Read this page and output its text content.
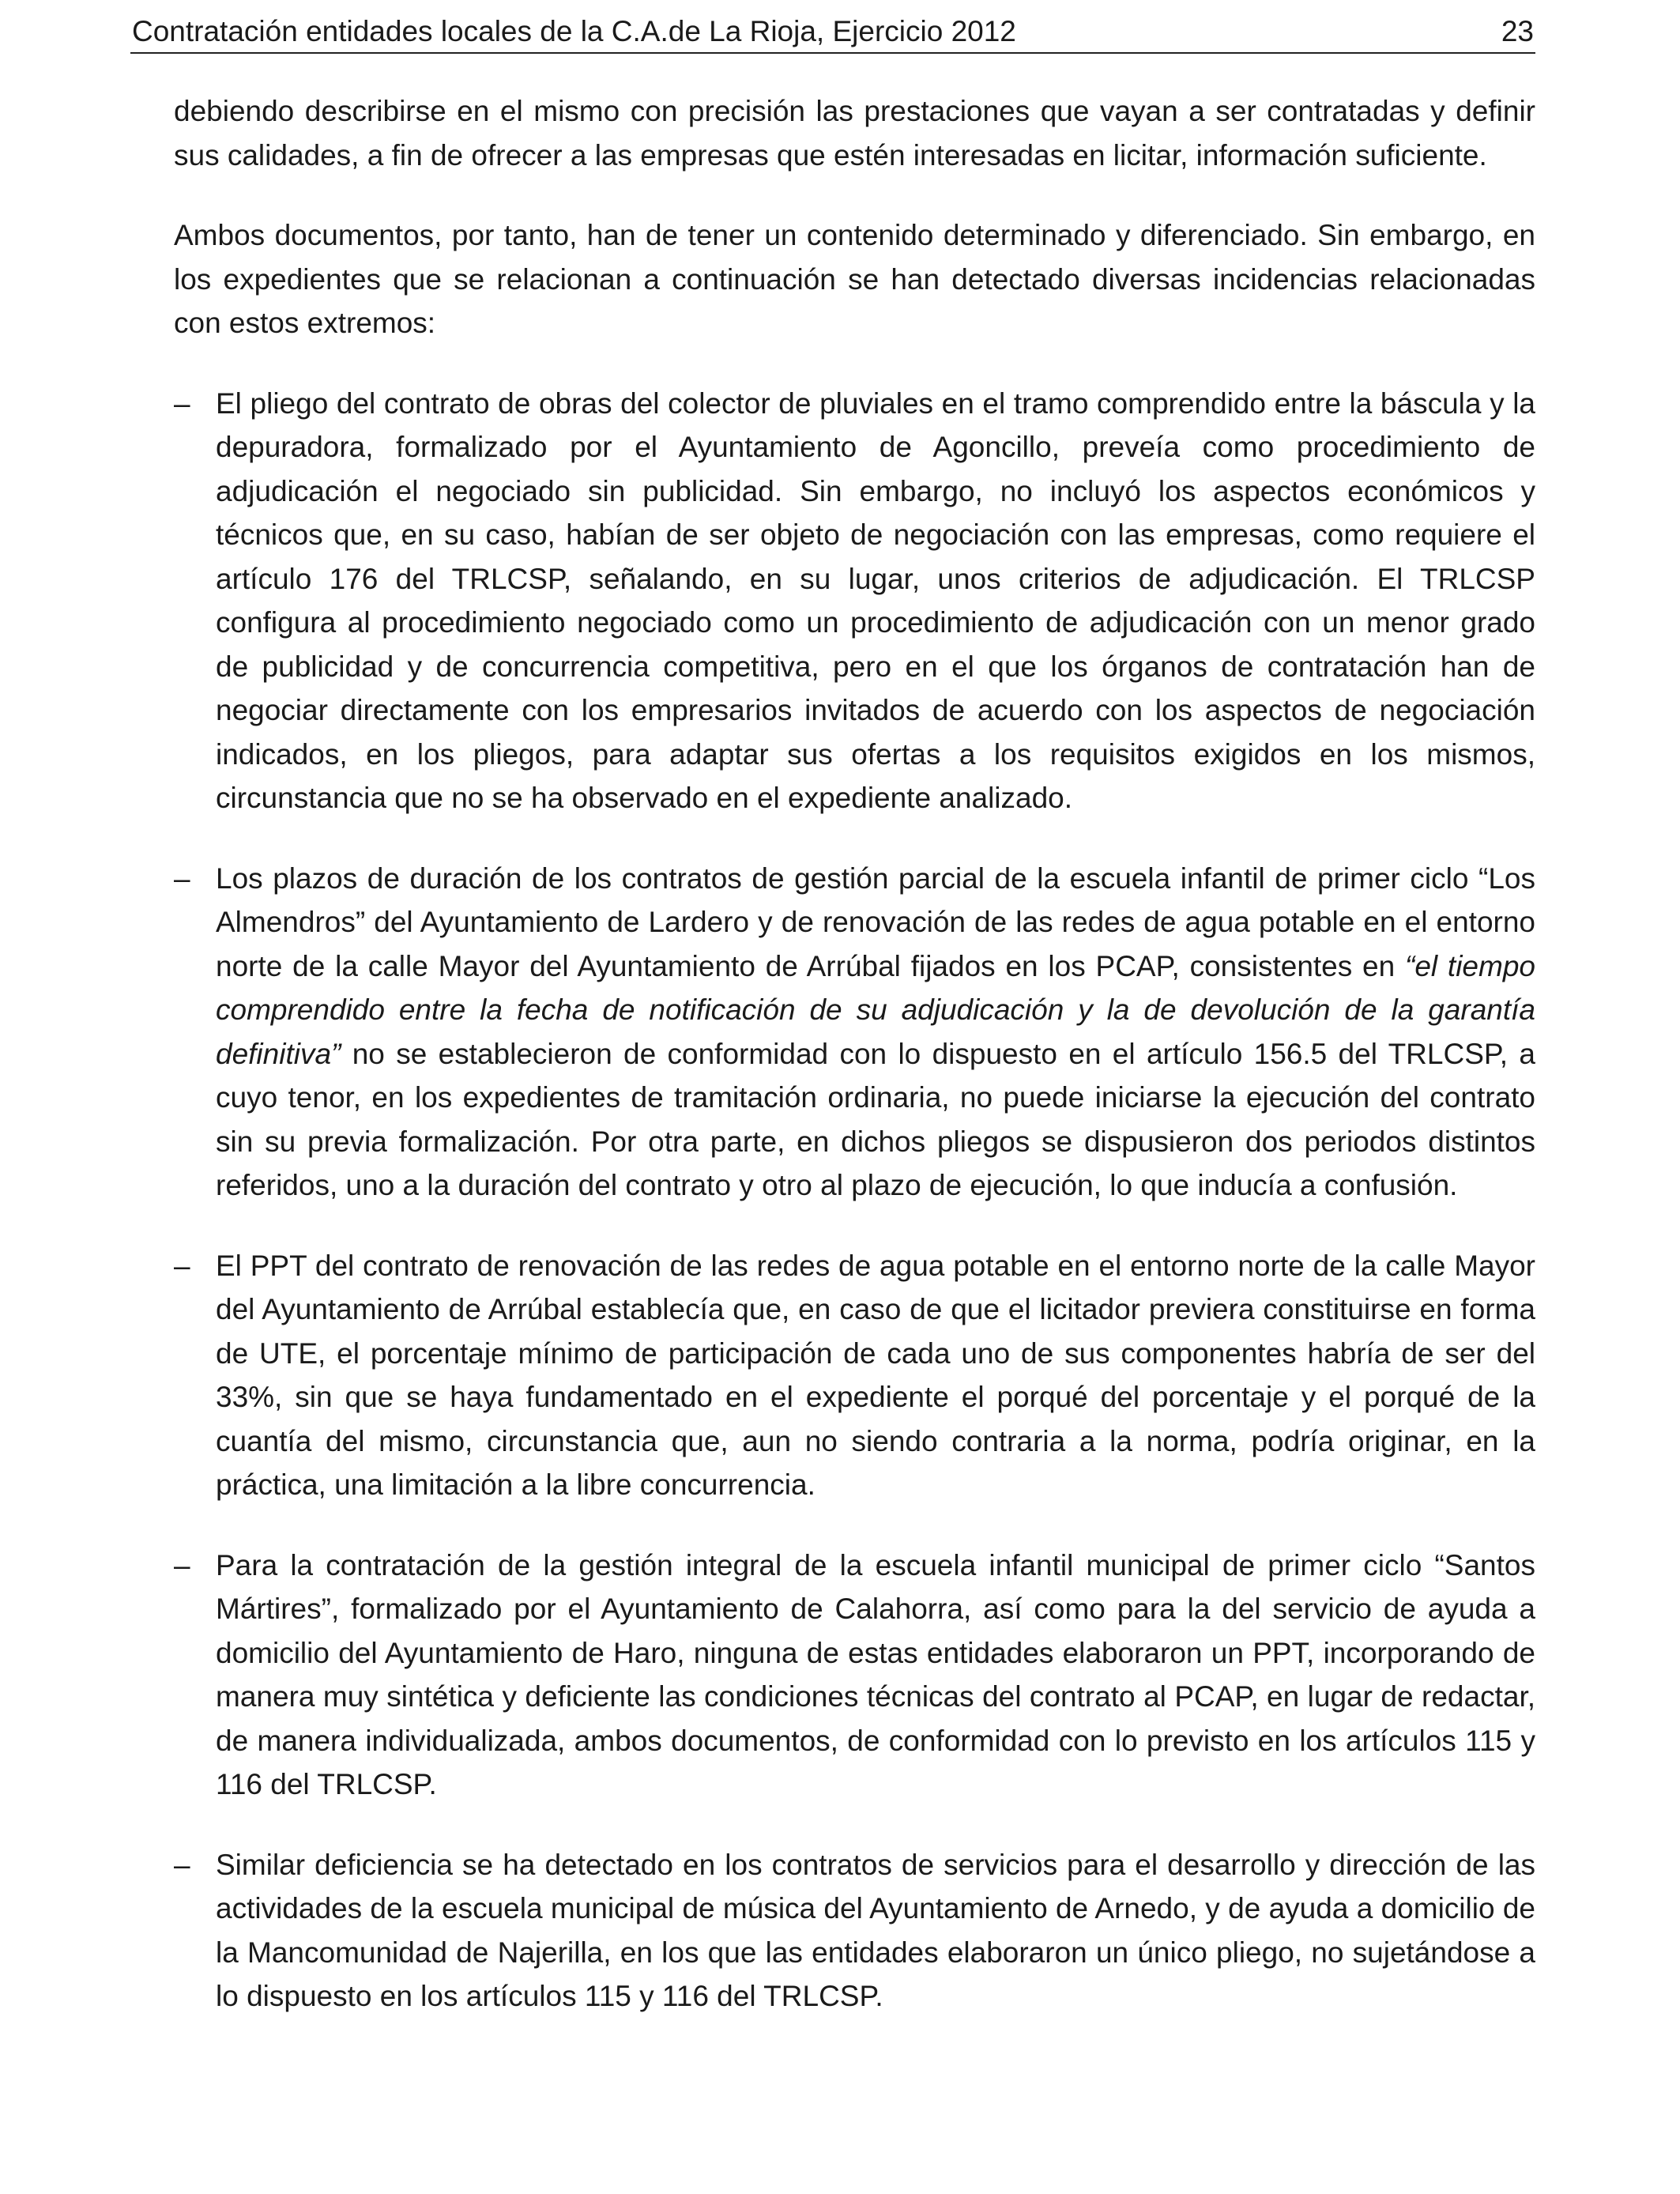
Contratación entidades locales de la C.A.de La Rioja, Ejercicio 2012	23

debiendo describirse en el mismo con precisión las prestaciones que vayan a ser contratadas y definir sus calidades, a fin de ofrecer a las empresas que estén interesadas en licitar, información suficiente.

Ambos documentos, por tanto, han de tener un contenido determinado y diferenciado. Sin embargo, en los expedientes que se relacionan a continuación se han detectado diversas incidencias relacionadas con estos extremos:

– El pliego del contrato de obras del colector de pluviales en el tramo comprendido entre la báscula y la depuradora, formalizado por el Ayuntamiento de Agoncillo, preveía como procedimiento de adjudicación el negociado sin publicidad. Sin embargo, no incluyó los aspectos económicos y técnicos que, en su caso, habían de ser objeto de negociación con las empresas, como requiere el artículo 176 del TRLCSP, señalando, en su lugar, unos criterios de adjudicación. El TRLCSP configura al procedimiento negociado como un procedimiento de adjudicación con un menor grado de publicidad y de concurrencia competitiva, pero en el que los órganos de contratación han de negociar directamente con los empresarios invitados de acuerdo con los aspectos de negociación indicados, en los pliegos, para adaptar sus ofertas a los requisitos exigidos en los mismos, circunstancia que no se ha observado en el expediente analizado.
– Los plazos de duración de los contratos de gestión parcial de la escuela infantil de primer ciclo “Los Almendros” del Ayuntamiento de Lardero y de renovación de las redes de agua potable en el entorno norte de la calle Mayor del Ayuntamiento de Arrúbal fijados en los PCAP, consistentes en “el tiempo comprendido entre la fecha de notificación de su adjudicación y la de devolución de la garantía definitiva” no se establecieron de conformidad con lo dispuesto en el artículo 156.5 del TRLCSP, a cuyo tenor, en los expedientes de tramitación ordinaria, no puede iniciarse la ejecución del contrato sin su previa formalización. Por otra parte, en dichos pliegos se dispusieron dos periodos distintos referidos, uno a la duración del contrato y otro al plazo de ejecución, lo que inducía a confusión.
– El PPT del contrato de renovación de las redes de agua potable en el entorno norte de la calle Mayor del Ayuntamiento de Arrúbal establecía que, en caso de que el licitador previera constituirse en forma de UTE, el porcentaje mínimo de participación de cada uno de sus componentes habría de ser del 33%, sin que se haya fundamentado en el expediente el porqué del porcentaje y el porqué de la cuantía del mismo, circunstancia que, aun no siendo contraria a la norma, podría originar, en la práctica, una limitación a la libre concurrencia.
– Para la contratación de la gestión integral de la escuela infantil municipal de primer ciclo “Santos Mártires”, formalizado por el Ayuntamiento de Calahorra, así como para la del servicio de ayuda a domicilio del Ayuntamiento de Haro, ninguna de estas entidades elaboraron un PPT, incorporando de manera muy sintética y deficiente las condiciones técnicas del contrato al PCAP, en lugar de redactar, de manera individualizada, ambos documentos, de conformidad con lo previsto en los artículos 115 y 116 del TRLCSP.
– Similar deficiencia se ha detectado en los contratos de servicios para el desarrollo y dirección de las actividades de la escuela municipal de música del Ayuntamiento de Arnedo, y de ayuda a domicilio de la Mancomunidad de Najerilla, en los que las entidades elaboraron un único pliego, no sujetándose a lo dispuesto en los artículos 115 y 116 del TRLCSP.
